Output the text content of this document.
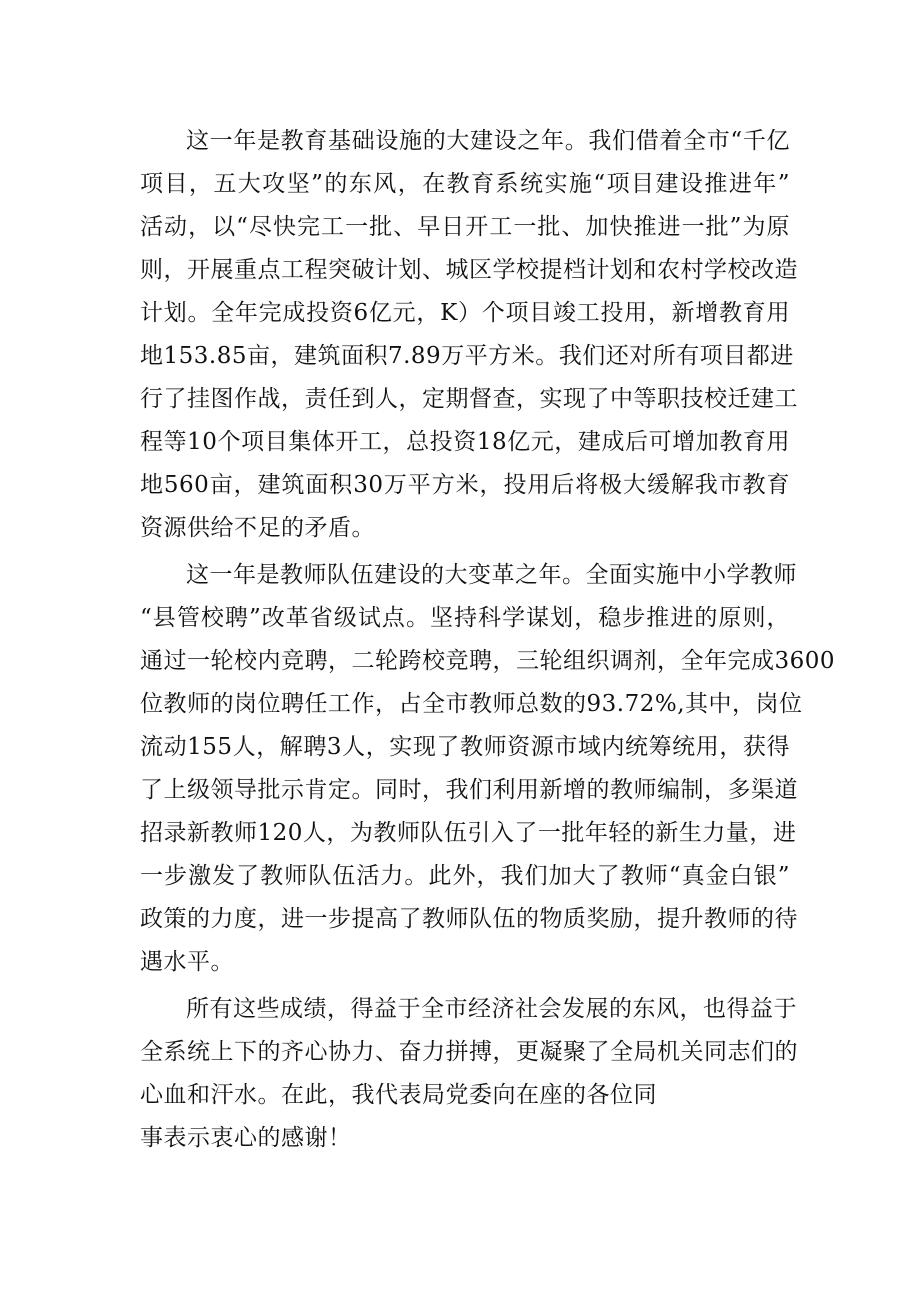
这一年是教育基础设施的大建设之年。我们借着全市“千亿
项目，五大攻坚”的东风，在教育系统实施“项目建设推进年”
活动，以“尽快完工一批、早日开工一批、加快推进一批”为原
则，开展重点工程突破计划、城区学校提档计划和农村学校改造
计划。全年完成投资6亿元，K）个项目竣工投用，新增教育用
地153.85亩，建筑面积7.89万平方米。我们还对所有项目都进
行了挂图作战，责任到人，定期督查，实现了中等职技校迁建工
程等10个项目集体开工，总投资18亿元，建成后可增加教育用
地560亩，建筑面积30万平方米，投用后将极大缓解我市教育
资源供给不足的矛盾。
这一年是教师队伍建设的大变革之年。全面实施中小学教师
“县管校聘”改革省级试点。坚持科学谋划，稳步推进的原则，
通过一轮校内竞聘，二轮跨校竞聘，三轮组织调剂，全年完成3600
位教师的岗位聘任工作，占全市教师总数的93.72%,其中，岗位
流动155人，解聘3人，实现了教师资源市域内统筹统用，获得
了上级领导批示肯定。同时，我们利用新增的教师编制，多渠道
招录新教师120人，为教师队伍引入了一批年轻的新生力量，进
一步激发了教师队伍活力。此外，我们加大了教师“真金白银”
政策的力度，进一步提高了教师队伍的物质奖励，提升教师的待
遇水平。
所有这些成绩，得益于全市经济社会发展的东风，也得益于
全系统上下的齐心协力、奋力拼搏，更凝聚了全局机关同志们的
心血和汗水。在此，我代表局党委向在座的各位同
事表示衷心的感谢！
